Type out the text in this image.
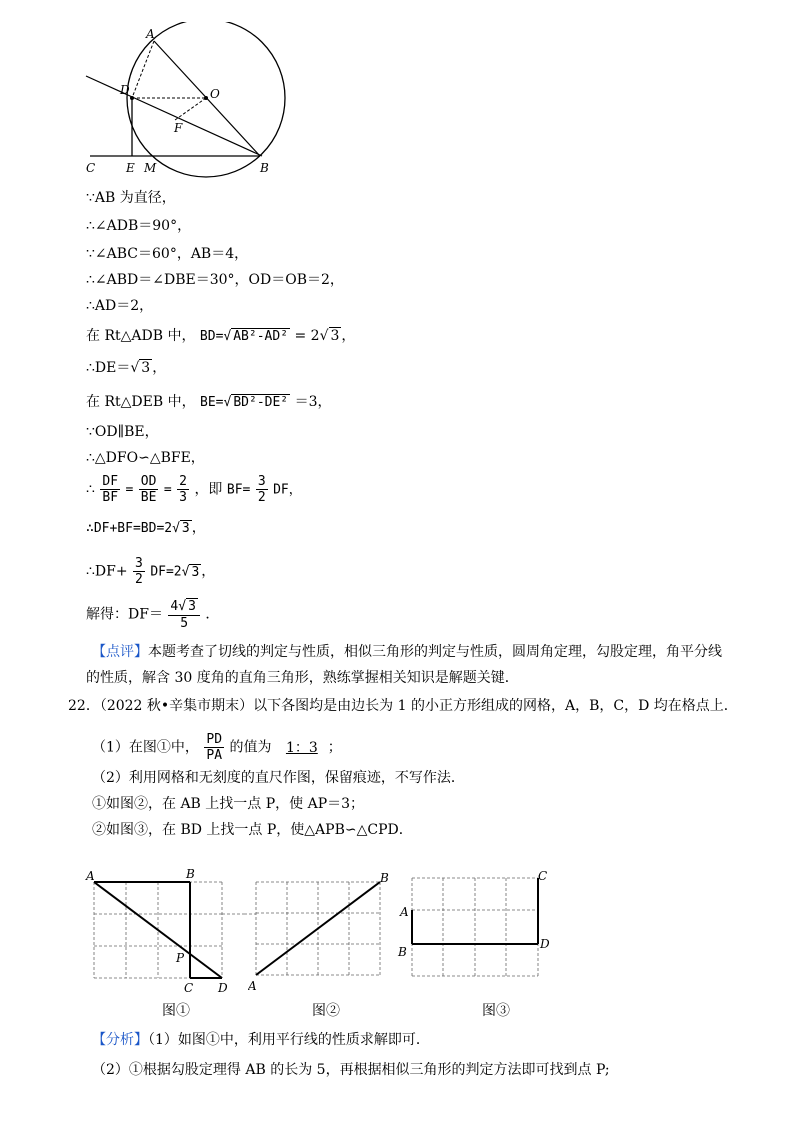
A
D	O
F
C	E M	B
∵AB 为直径，
∴∠ADB＝90°，
∵∠ABC＝60°，AB＝4，
∴∠ABD＝∠DBE＝30°，OD＝OB＝2，
∴AD＝2，
在 Rt△ADB 中， BD=√ AB²-AD² = 2√ 3 ，
∴DE＝√ 3 ，
在 Rt△DEB 中， BE=√ BD²-DE² ＝3，
∵OD∥BE，
∴△DFO∽△BFE，
∴ $\frac{DF}{BF} = \frac{OD}{BE} = \frac{2}{3}$ ，即 $BF= \frac{3}{2}$ DF，
∴DF+BF=BD=2√ 3 ，
∴DF+ $\frac{3}{2} DF=2√$ 3 ，
解得：$DF= \frac{4√ 3}{5}$ ．
【点评】本题考查了切线的判定与性质，相似三角形的判定与性质，圆周角定理，勾股定理，角平分线
的性质，解含 30 度角的直角三角形，熟练掌握相关知识是解题关键．
22．（2022 秋•辛集市期末）以下各图均是由边长为 1 的小正方形组成的网格，A，B，C，D 均在格点上．
（1）在图①中， $\frac{PD}{PA}$ 的值为 1：3 ；
（2）利用网格和无刻度的直尺作图，保留痕迹，不写作法．
①如图②，在 AB 上找一点 P，使 AP＝3；
②如图③，在 BD 上找一点 P，使△APB∽△CPD．
A	B
P
C D
图①
B
A
图②
C
A
B
D
图③
【分析】（1）如图①中，利用平行线的性质求解即可．
（2）①根据勾股定理得 AB 的长为 5，再根据相似三角形的判定方法即可找到点 P;
